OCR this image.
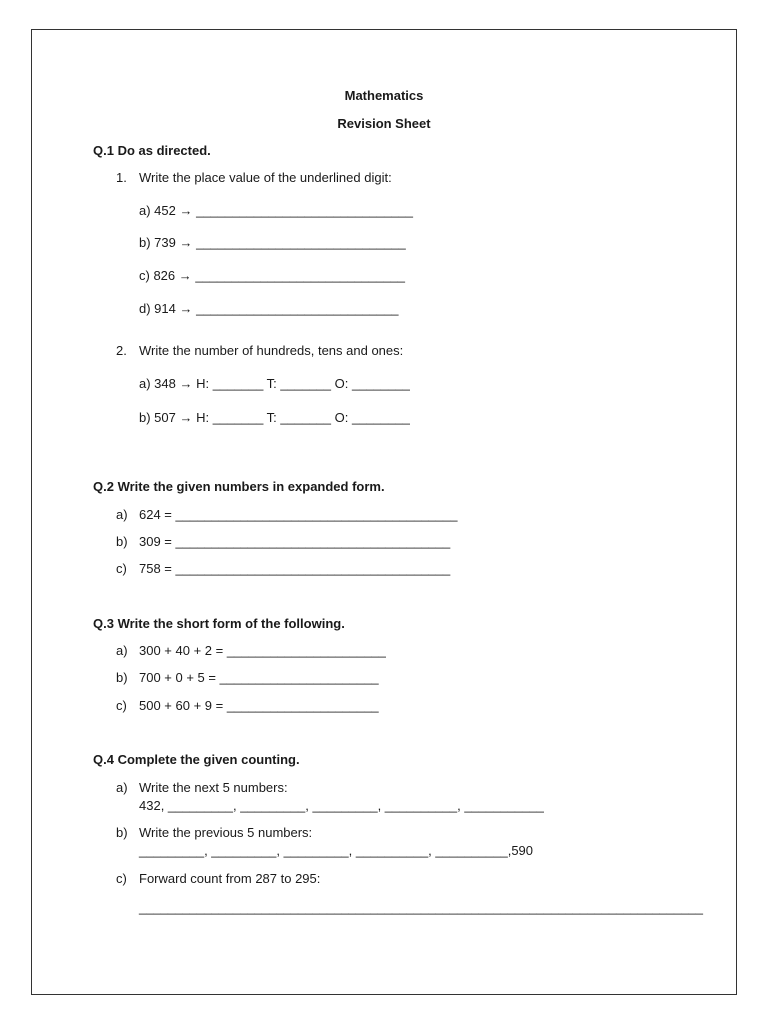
Mathematics
Revision Sheet
Q.1 Do as directed.
1. Write the place value of the underlined digit:
a) 452 → ______________________________
b) 739 → _____________________________
c) 826 → _____________________________
d) 914 → ____________________________
2. Write the number of hundreds, tens and ones:
a) 348 → H: _______ T: _______ O: ________
b) 507 → H: _______ T: _______ O: ________
Q.2 Write the given numbers in expanded form.
a) 624 = _______________________________________
b) 309 = ______________________________________
c) 758 = ______________________________________
Q.3 Write the short form of the following.
a) 300 + 40 + 2 = ______________________
b) 700 + 0 + 5 = ______________________
c) 500 + 60 + 9 = _____________________
Q.4 Complete the given counting.
a) Write the next 5 numbers:
432, _________, _________, _________, __________, ___________
b) Write the previous 5 numbers:
_________, _________, _________, __________, __________,590
c) Forward count from 287 to 295:
______________________________________________________________________________
